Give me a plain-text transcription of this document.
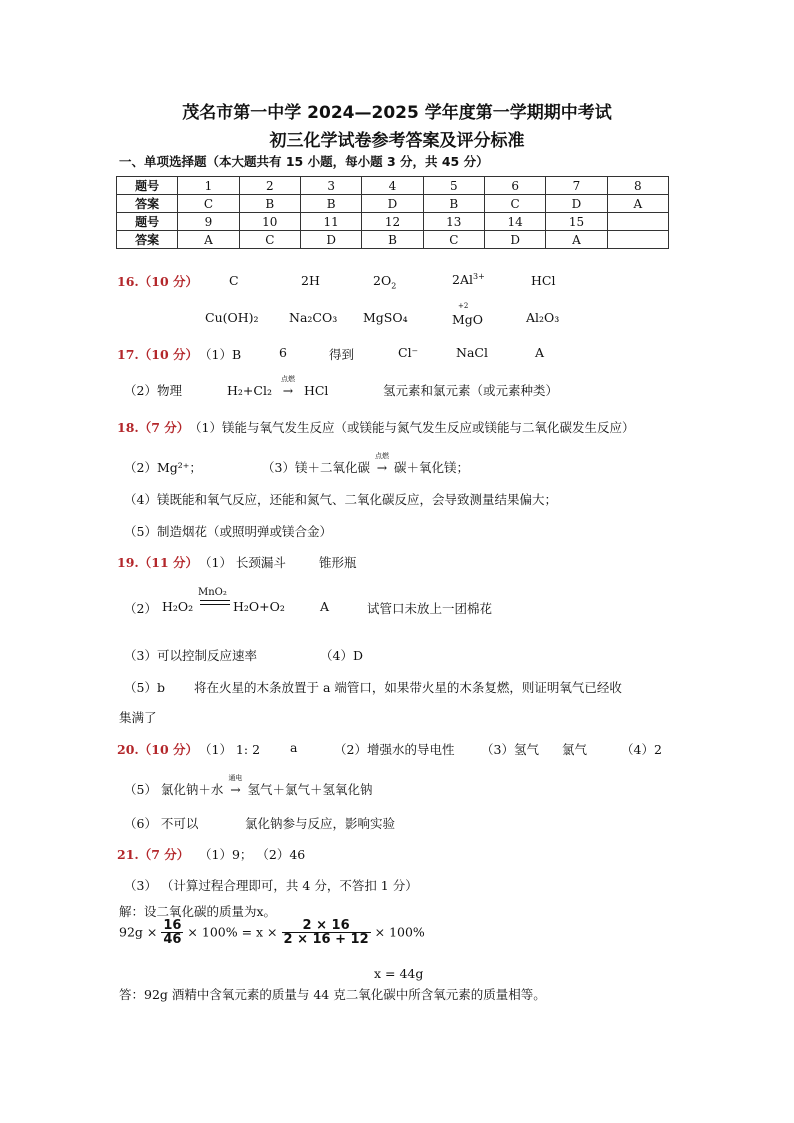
茂名市第一中学 2024—2025 学年度第一学期期中考试
初三化学试卷参考答案及评分标准
一、单项选择题（本大题共有 15 小题，每小题 3 分，共 45 分）
题号	1	2	3	4	5	6	7	8
答案	C	B	B	D	B	C	D	A
题号	9	10	11	12	13	14	15	
答案	A	C	D	B	C	D	A	
16.（10 分） C	2H	$2O_2$	$2Al^{3+}$	HCl
Cu(OH)₂ Na₂CO₃ MgSO₄
+2
MgO	Al₂O₃
17.（10 分） （1）B	6	得到	Cl⁻	NaCl	A
（2）物理	H₂+Cl₂
点燃
→ HCl	氢元素和氯元素（或元素种类）
18.（7 分） （1）镁能与氧气发生反应（或镁能与氮气发生反应或镁能与二氧化碳发生反应）
（2）Mg²⁺；	（3）镁＋二氧化碳
点燃
→ 碳＋氧化镁；
（4）镁既能和氧气反应，还能和氮气、二氧化碳反应，会导致测量结果偏大；
（5）制造烟花（或照明弹或镁合金）
19.（11 分） （1） 长颈漏斗	锥形瓶
（2） H₂O₂
MnO₂
H₂O+O₂	A	试管口未放上一团棉花
（3）可以控制反应速率	（4）D
（5）b 将在火星的木条放置于 a 端管口，如果带火星的木条复燃，则证明氧气已经收
集满了
20.（10 分） （1） 1: 2 a	（2）增强水的导电性 （3）氢气 氯气	（4）2
（5） 氯化钠＋水
通电
→ 氢气＋氯气＋氢氧化钠
（6） 不可以	氯化钠参与反应，影响实验
21.（7 分） （1）9； （2）46
（3） （计算过程合理即可，共 4 分，不答扣 1 分）
解：设二氧化碳的质量为x。
$92g \times \frac{16}{46} \times 100\% = x \times \frac{2 \times 16}{2 \times 16 + 12} \times 100\%$
x = 44g
答：92g 酒精中含氧元素的质量与 44 克二氧化碳中所含氧元素的质量相等。
